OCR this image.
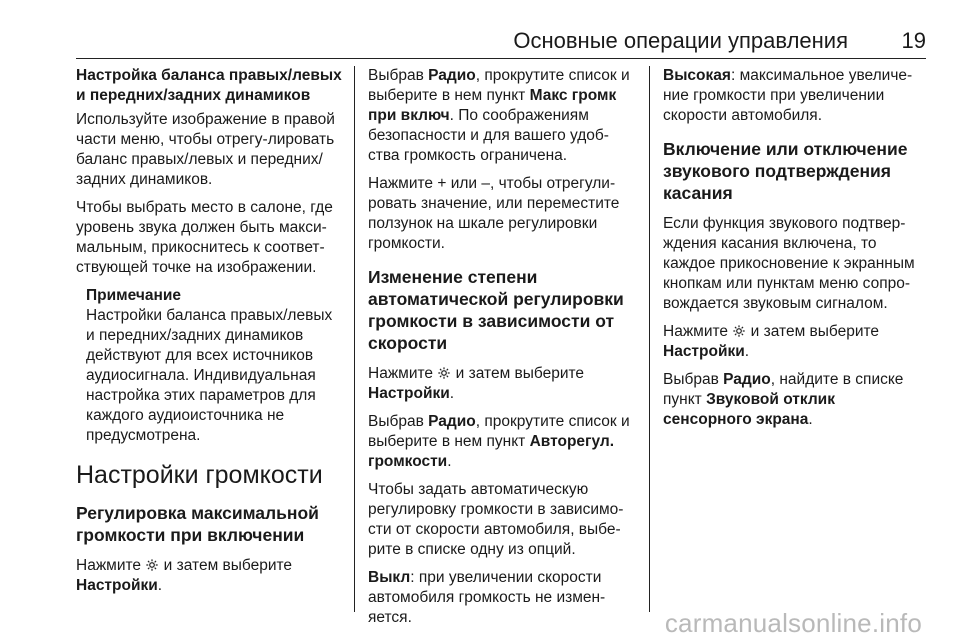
Основные операции управления 19
Настройка баланса правых/левых и передних/задних динамиков

Используйте изображение в правой части меню, чтобы отрегу-лировать баланс правых/левых и передних/задних динамиков.

Чтобы выбрать место в салоне, где уровень звука должен быть макси-мальным, прикоснитесь к соответ-ствующей точке на изображении.

Примечание

Настройки баланса правых/левых и передних/задних динамиков действуют для всех источников аудиосигнала. Индивидуальная настройка этих параметров для каждого аудиоисточника не предусмотрена.

Настройки громкости
Регулировка максимальной громкости при включении

Нажмите и затем выберите Настройки.

Выбрав Радио, прокрутите список и выберите в нем пункт Макс громк при включ. По соображениям безопасности и для вашего удоб-ства громкость ограничена.

Нажмите + или –, чтобы отрегули-ровать значение, или переместите ползунок на шкале регулировки громкости.

Изменение степени автоматической регулировки громкости в зависимости от скорости

Нажмите и затем выберите Настройки.

Выбрав Радио, прокрутите список и выберите в нем пункт Авторегул. громкости.

Чтобы задать автоматическую регулировку громкости в зависимо-сти от скорости автомобиля, выбе-рите в списке одну из опций.

Выкл: при увеличении скорости автомобиля громкость не измен-яется.

Высокая: максимальное увеличе-ние громкости при увеличении скорости автомобиля.

Включение или отключение звукового подтверждения касания

Если функция звукового подтвер-ждения касания включена, то каждое прикосновение к экранным кнопкам или пунктам меню сопро-вождается звуковым сигналом.

Нажмите и затем выберите Настройки.

Выбрав Радио, найдите в списке пункт Звуковой отклик сенсорного экрана.

carmanualsonline.info
